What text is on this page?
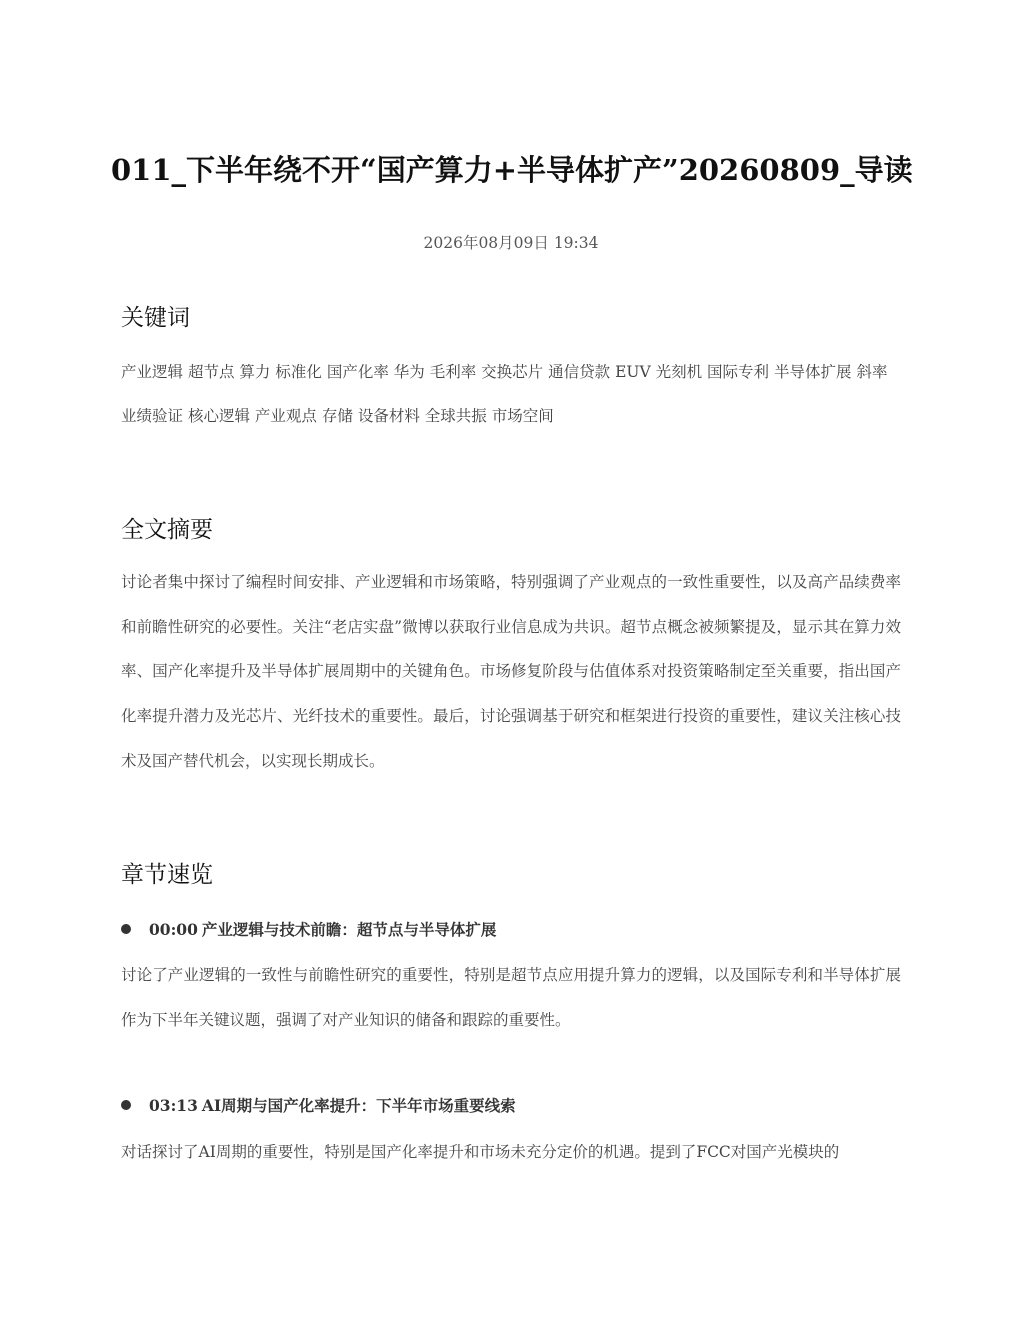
011_下半年绕不开“国产算力+半导体扩产”20260809_导读
2026年08月09日 19:34
关键词
产业逻辑 超节点 算力 标准化 国产化率 华为 毛利率 交换芯片 通信贷款 EUV 光刻机 国际专利 半导体扩展 斜率 业绩验证 核心逻辑 产业观点 存储 设备材料 全球共振 市场空间
全文摘要

讨论者集中探讨了编程时间安排、产业逻辑和市场策略，特别强调了产业观点的一致性重要性，以及高产品续费率和前瞻性研究的必要性。关注“老店实盘”微博以获取行业信息成为共识。超节点概念被频繁提及，显示其在算力效率、国产化率提升及半导体扩展周期中的关键角色。市场修复阶段与估值体系对投资策略制定至关重要，指出国产化率提升潜力及光芯片、光纤技术的重要性。最后，讨论强调基于研究和框架进行投资的重要性，建议关注核心技术及国产替代机会，以实现长期成长。

章节速览
00:00 产业逻辑与技术前瞻：超节点与半导体扩展

讨论了产业逻辑的一致性与前瞻性研究的重要性，特别是超节点应用提升算力的逻辑，以及国际专利和半导体扩展作为下半年关键议题，强调了对产业知识的储备和跟踪的重要性。

03:13 AI周期与国产化率提升：下半年市场重要线索

对话探讨了AI周期的重要性，特别是国产化率提升和市场未充分定价的机遇。提到了FCC对国产光模块的
